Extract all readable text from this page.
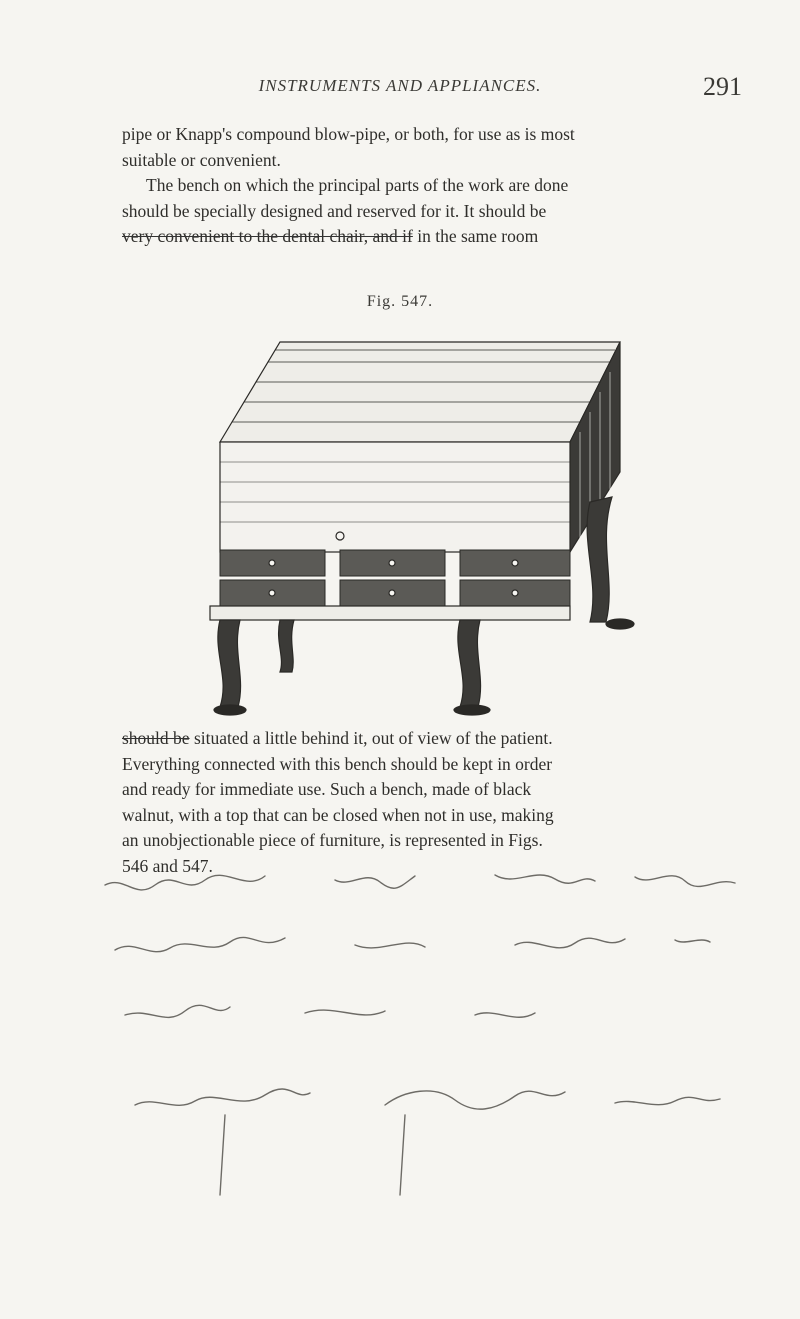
INSTRUMENTS AND APPLIANCES.	291
pipe or Knapp's compound blow-pipe, or both, for use as is most
suitable or convenient.
The bench on which the principal parts of the work are done
should be specially designed and reserved for it. It should be
very convenient to the dental chair, and if in the same room
Fig. 547.
should be situated a little behind it, out of view of the patient.
Everything connected with this bench should be kept in order
and ready for immediate use. Such a bench, made of black
walnut, with a top that can be closed when not in use, making
an unobjectionable piece of furniture, is represented in Figs.
546 and 547.
